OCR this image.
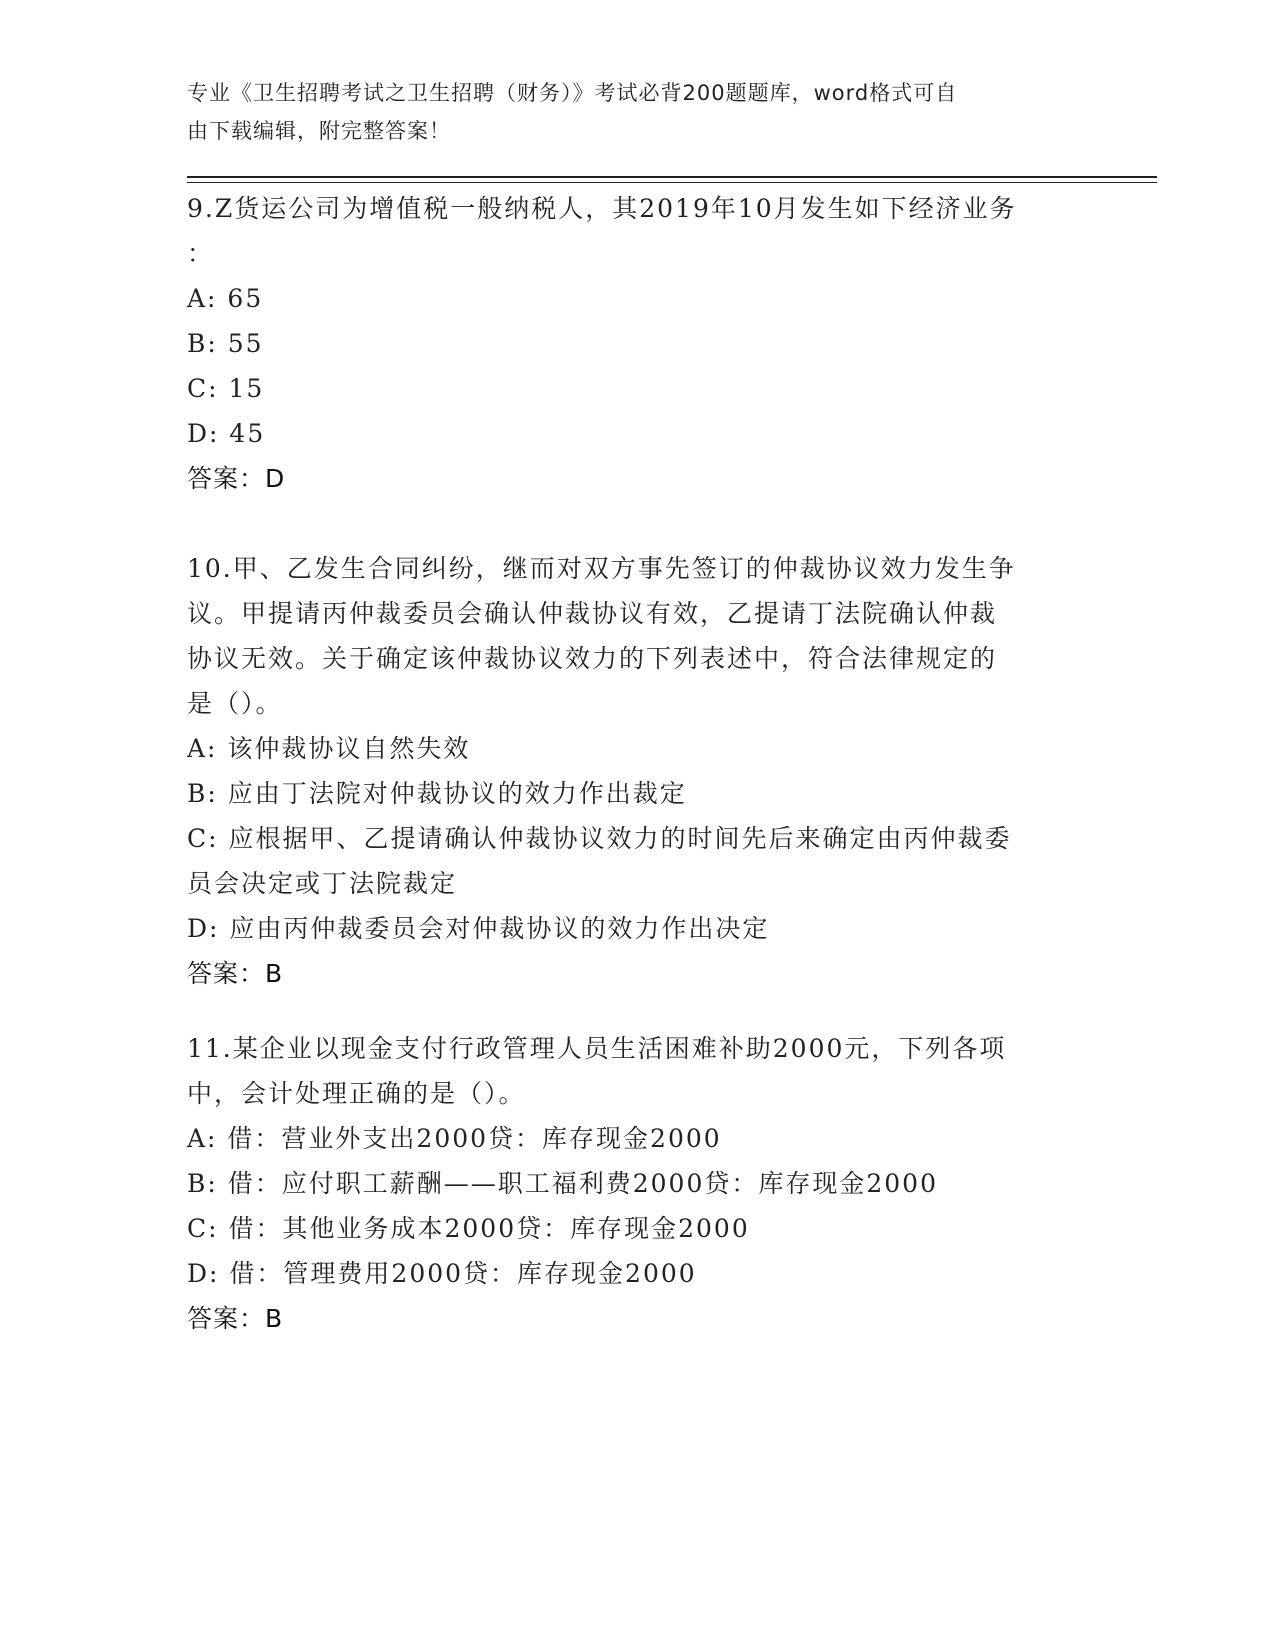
专业《卫生招聘考试之卫生招聘（财务）》考试必背200题题库，word格式可自
由下载编辑，附完整答案！

9.Z货运公司为增值税一般纳税人，其2019年10月发生如下经济业务

：

A: 65

B: 55

C: 15

D: 45

答案：D

10.甲、乙发生合同纠纷，继而对双方事先签订的仲裁协议效力发生争

议。甲提请丙仲裁委员会确认仲裁协议有效，乙提请丁法院确认仲裁

协议无效。关于确定该仲裁协议效力的下列表述中，符合法律规定的

是（）。

A: 该仲裁协议自然失效

B: 应由丁法院对仲裁协议的效力作出裁定

C: 应根据甲、乙提请确认仲裁协议效力的时间先后来确定由丙仲裁委

员会决定或丁法院裁定

D: 应由丙仲裁委员会对仲裁协议的效力作出决定

答案：B

11.某企业以现金支付行政管理人员生活困难补助2000元，下列各项

中，会计处理正确的是（）。

A: 借：营业外支出2000贷：库存现金2000

B: 借：应付职工薪酬——职工福利费2000贷：库存现金2000

C: 借：其他业务成本2000贷：库存现金2000

D: 借：管理费用2000贷：库存现金2000

答案：B
